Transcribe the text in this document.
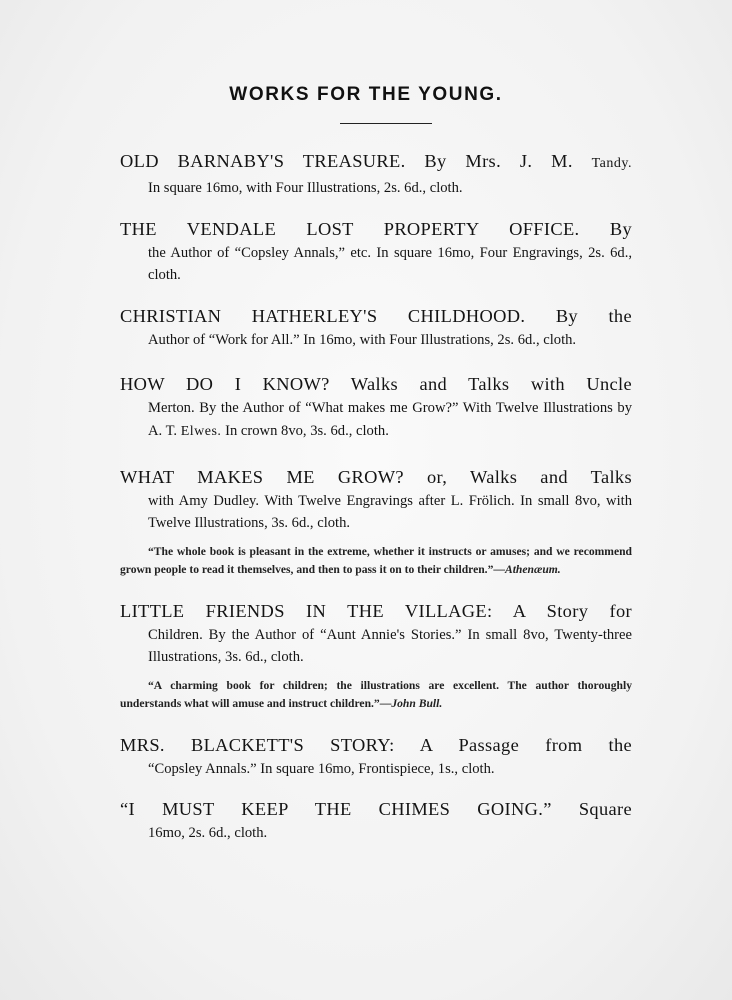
WORKS FOR THE YOUNG.

OLD BARNABY'S TREASURE. By Mrs. J. M. Tandy.

In square 16mo, with Four Illustrations, 2s. 6d., cloth.

THE VENDALE LOST PROPERTY OFFICE. By

the Author of “Copsley Annals,” etc. In square 16mo, Four Engravings, 2s. 6d., cloth.

CHRISTIAN HATHERLEY'S CHILDHOOD. By the

Author of “Work for All.” In 16mo, with Four Illustrations, 2s. 6d., cloth.

HOW DO I KNOW? Walks and Talks with Uncle

Merton. By the Author of “What makes me Grow?” With Twelve Illustrations by A. T. Elwes. In crown 8vo, 3s. 6d., cloth.

WHAT MAKES ME GROW? or, Walks and Talks

with Amy Dudley. With Twelve Engravings after L. Frölich. In small 8vo, with Twelve Illustrations, 3s. 6d., cloth.

“The whole book is pleasant in the extreme, whether it instructs or amuses; and we recommend grown people to read it themselves, and then to pass it on to their children.”—Athenæum.

LITTLE FRIENDS IN THE VILLAGE: A Story for

Children. By the Author of “Aunt Annie's Stories.” In small 8vo, Twenty-three Illustrations, 3s. 6d., cloth.

“A charming book for children; the illustrations are excellent. The author thoroughly understands what will amuse and instruct children.”—John Bull.

MRS. BLACKETT'S STORY: A Passage from the

“Copsley Annals.” In square 16mo, Frontispiece, 1s., cloth.

“I MUST KEEP THE CHIMES GOING.” Square

16mo, 2s. 6d., cloth.
